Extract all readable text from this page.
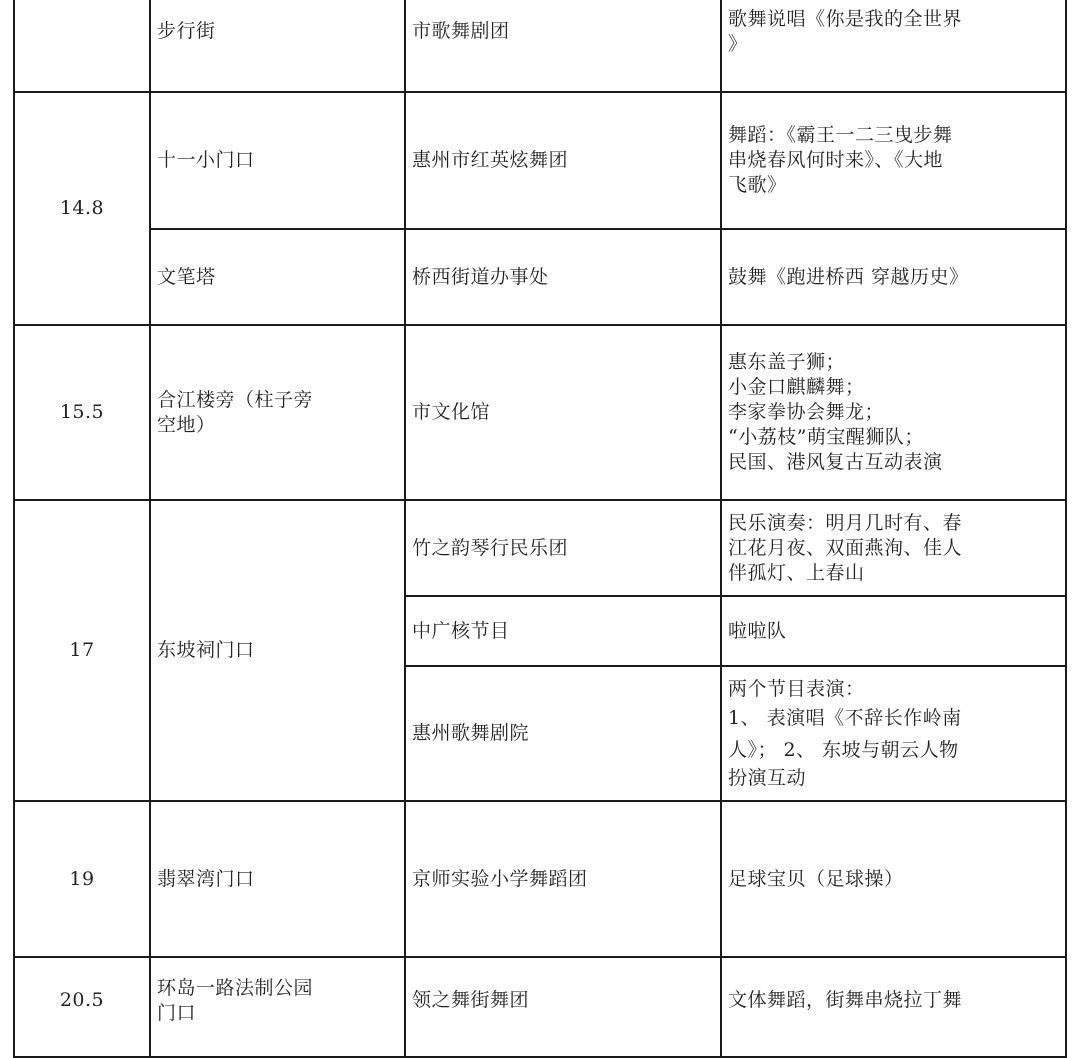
	步行街	市歌舞剧团	歌舞说唱《你是我的全世界
》

14.8	十一小门口	惠州市红英炫舞团	舞蹈：《霸王一二三曳步舞
串烧春风何时来》、《大地
飞歌》

	文笔塔	桥西街道办事处	鼓舞《跑进桥西 穿越历史》

15.5	合江楼旁（柱子旁
空地）	市文化馆	惠东盖子狮；
小金口麒麟舞；
李家拳协会舞龙；
“小荔枝”萌宝醒狮队；
民国、港风复古互动表演

17	东坡祠门口	竹之韵琴行民乐团	民乐演奏：明月几时有、春
江花月夜、双面燕洵、佳人
伴孤灯、上春山

		中广核节目	啦啦队

		惠州歌舞剧院	两个节目表演：
1、 表演唱《不辞长作岭南
人》； 2、 东坡与朝云人物
扮演互动

19	翡翠湾门口	京师实验小学舞蹈团	足球宝贝（足球操）

20.5	环岛一路法制公园
门口	领之舞街舞团	文体舞蹈，街舞串烧拉丁舞
